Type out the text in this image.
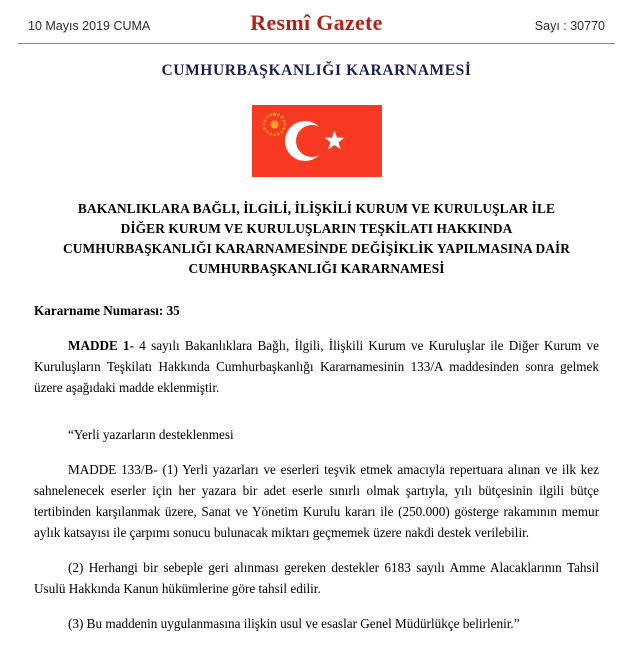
10 Mayıs 2019 CUMA	Resmî Gazete	Sayı : 30770
CUMHURBAŞKANLIĞI KARARNAMESİ
BAKANLIKLARA BAĞLI, İLGİLİ, İLİŞKİLİ KURUM VE KURULUŞLAR İLE
DİĞER KURUM VE KURULUŞLARIN TEŞKİLATI HAKKINDA
CUMHURBAŞKANLIĞI KARARNAMESİNDE DEĞİŞİKLİK YAPILMASINA DAİR
CUMHURBAŞKANLIĞI KARARNAMESİ
Kararname Numarası: 35

MADDE 1- 4 sayılı Bakanlıklara Bağlı, İlgili, İlişkili Kurum ve Kuruluşlar ile Diğer Kurum ve Kuruluşların Teşkilatı Hakkında Cumhurbaşkanlığı Kararnamesinin 133/A maddesinden sonra gelmek üzere aşağıdaki madde eklenmiştir.

“Yerli yazarların desteklenmesi

MADDE 133/B- (1) Yerli yazarları ve eserleri teşvik etmek amacıyla repertuara alınan ve ilk kez sahnelenecek eserler için her yazara bir adet eserle sınırlı olmak şartıyla, yılı bütçesinin ilgili bütçe tertibinden karşılanmak üzere, Sanat ve Yönetim Kurulu kararı ile (250.000) gösterge rakamının memur aylık katsayısı ile çarpımı sonucu bulunacak miktarı geçmemek üzere nakdi destek verilebilir.

(2) Herhangi bir sebeple geri alınması gereken destekler 6183 sayılı Amme Alacaklarının Tahsil Usulü Hakkında Kanun hükümlerine göre tahsil edilir.

(3) Bu maddenin uygulanmasına ilişkin usul ve esaslar Genel Müdürlükçe belirlenir.”
